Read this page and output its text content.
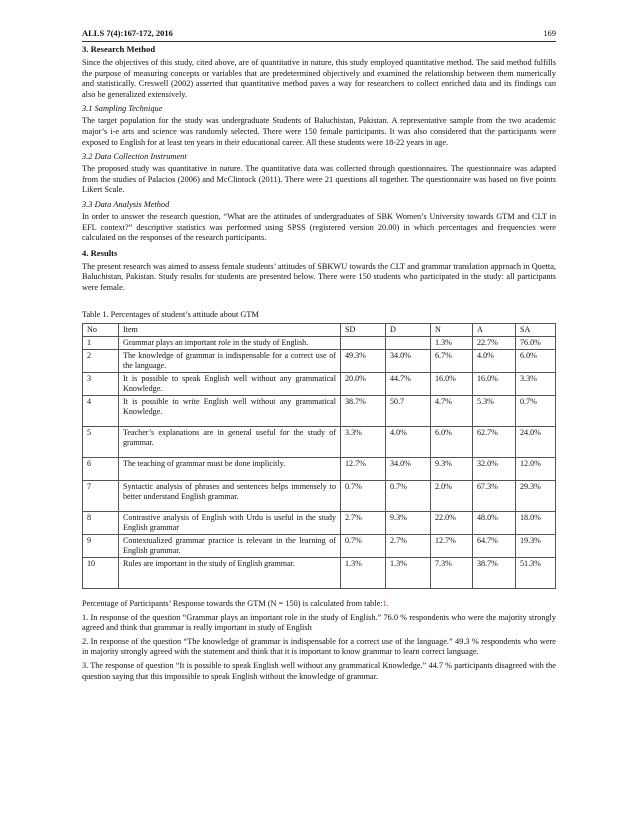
ALLS 7(4):167-172, 2016	169
3. Research Method

Since the objectives of this study, cited above, are of quantitative in nature, this study employed quantitative method. The said method fulfills the purpose of measuring concepts or variables that are predetermined objectively and examined the relationship between them numerically and statistically. Creswell (2002) asserted that quantitative method paves a way for researchers to collect enriched data and its findings can also be generalized extensively.

3.1 Sampling Technique

The target population for the study was undergraduate Students of Baluchistan, Pakistan. A representative sample from the two academic major’s i-e arts and science was randomly selected. There were 150 female participants. It was also considered that the participants were exposed to English for at least ten years in their educational career. All these students were 18-22 years in age.

3.2 Data Collection Instrument

The proposed study was quantitative in nature. The quantitative data was collected through questionnaires. The questionnaire was adapted from the studies of Palacios (2006) and McClintock (2011). There were 21 questions all together. The questionnaire was based on five points Likert Scale.

3.3 Data Analysis Method

In order to answer the research question, “What are the attitudes of undergraduates of SBK Women’s University towards GTM and CLT in EFL context?” descriptive statistics was performed using SPSS (registered version 20.00) in which percentages and frequencies were calculated on the responses of the research participants.

4. Results

The present research was aimed to assess female students’ attitudes of SBKWU towards the CLT and grammar translation approach in Quetta, Baluchistan, Pakistan. Study results for students are presented below. There were 150 students who participated in the study: all participants were female.

Table 1. Percentages of student’s attitude about GTM
No	Item	SD	D	N	A	SA
1	Grammar plays an important role in the study of English.			1.3%	22.7%	76.0%
2	The knowledge of grammar is indispensable for a correct use of the language.	49.3%	34.0%	6.7%	4.0%	6.0%
3	It is possible to speak English well without any grammatical Knowledge.	20.0%	44.7%	16.0%	16.0%	3.3%
4	It is possible to write English well without any grammatical Knowledge.	38.7%	50.7	4.7%	5.3%	0.7%
5	Teacher’s explanations are in general useful for the study of grammar.	3.3%	4.0%	6.0%	62.7%	24.0%
6	The teaching of grammar must be done implicitly.	12.7%	34.0%	9.3%	32.0%	12.0%
7	Syntactic analysis of phrases and sentences helps immensely to better understand English grammar.	0.7%	0.7%	2.0%	67.3%	29.3%
8	Contrastive analysis of English with Urdu is useful in the study English grammar	2.7%	9.3%	22.0%	48.0%	18.0%
9	Contextualized grammar practice is relevant in the learning of English grammar.	0.7%	2.7%	12.7%	64.7%	19.3%
10	Rules are important in the study of English grammar.	1.3%	1.3%	7.3%	38.7%	51.3%

Percentage of Participants’ Response towards the GTM (N = 150) is calculated from table:1.

1. In response of the question “Grammar plays an important role in the study of English.” 76.0 % respondents who were the majority strongly agreed and think that grammar is really important in study of English

2. In response of the question “The knowledge of grammar is indispensable for a correct use of the language.” 49.3 % respondents who were in majority strongly agreed with the statement and think that it is important to know grammar to learn correct language.

3. The response of question “It is possible to speak English well without any grammatical Knowledge.” 44.7 % participants disagreed with the question saying that this impossible to speak English without the knowledge of grammar.
